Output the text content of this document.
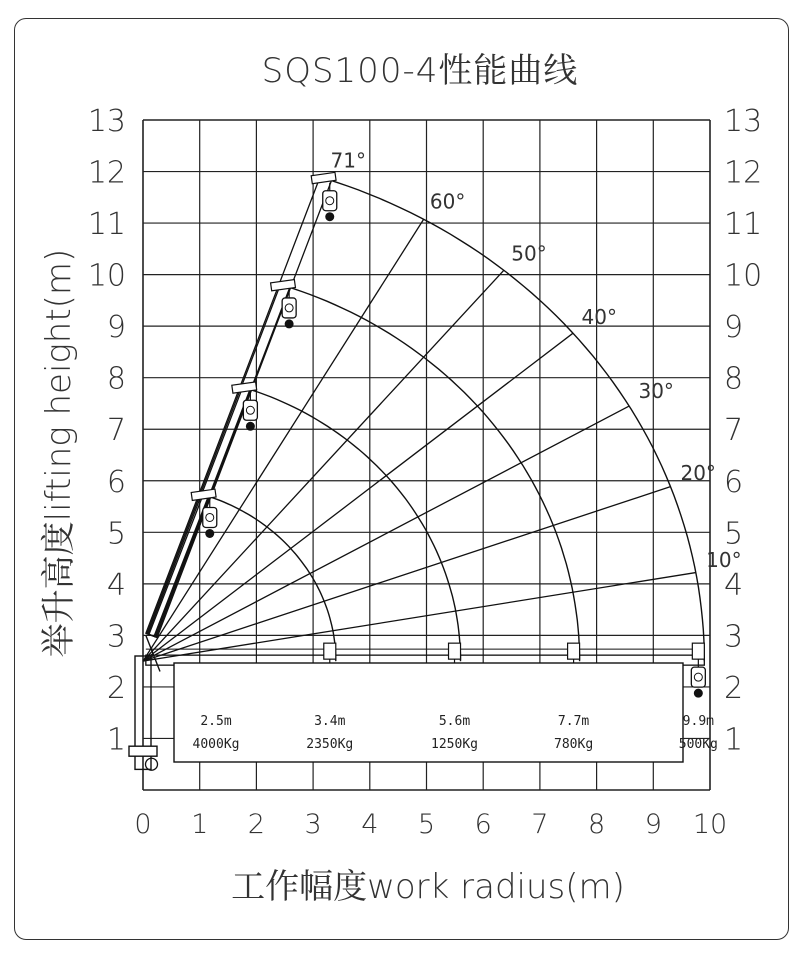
SQS100-4性能曲线
71°
60°
50°
40°
30°
20°
10°
2.5m
4000Kg
3.4m
2350Kg
5.6m
1250Kg
7.7m
780Kg
9.9m
500Kg
1	1
2	2
3	3
4	4
5	5
6	6
7	7
8	8
9	9
10	10
11	11
12	12
13	13
0 1 2 3 4 5 6 7 8 9 10
举升高度lifting height(m)
工作幅度work radius(m)
